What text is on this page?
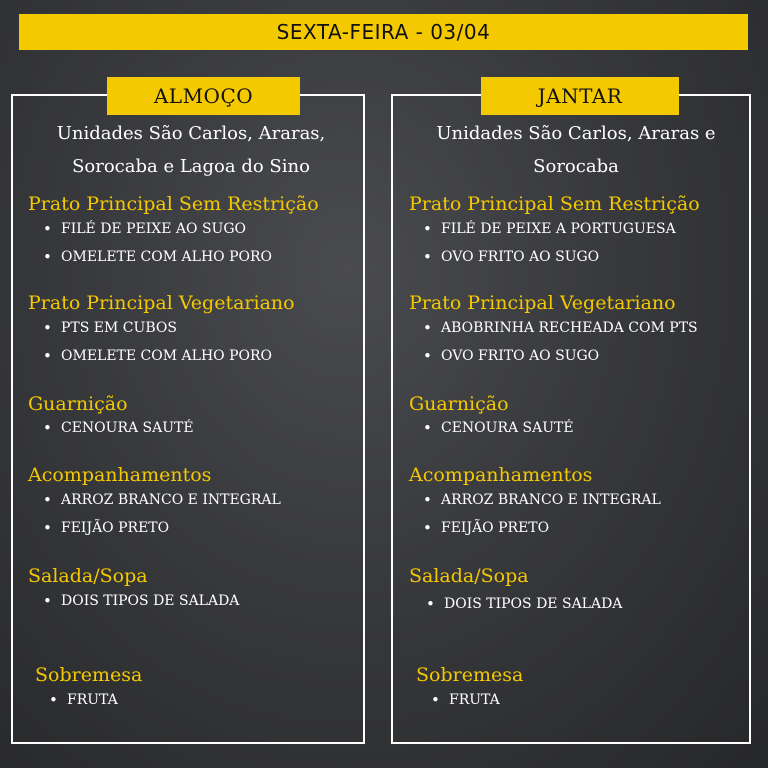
SEXTA-FEIRA - 03/04
ALMOÇO	JANTAR
Unidades São Carlos, Araras,
Sorocaba e Lagoa do Sino
Unidades São Carlos, Araras e
Sorocaba
Prato Principal Sem Restrição
• FILÉ DE PEIXE AO SUGO
• OMELETE COM ALHO PORO
Prato Principal Vegetariano
• PTS EM CUBOS
• OMELETE COM ALHO PORO
Guarnição
• CENOURA SAUTÉ
Acompanhamentos
• ARROZ BRANCO E INTEGRAL
• FEIJÃO PRETO
Salada/Sopa
• DOIS TIPOS DE SALADA
Sobremesa
• FRUTA
Prato Principal Sem Restrição
• FILÉ DE PEIXE A PORTUGUESA
• OVO FRITO AO SUGO
Prato Principal Vegetariano
• ABOBRINHA RECHEADA COM PTS
• OVO FRITO AO SUGO
Guarnição
• CENOURA SAUTÉ
Acompanhamentos
• ARROZ BRANCO E INTEGRAL
• FEIJÃO PRETO
Salada/Sopa
• DOIS TIPOS DE SALADA
Sobremesa
• FRUTA
